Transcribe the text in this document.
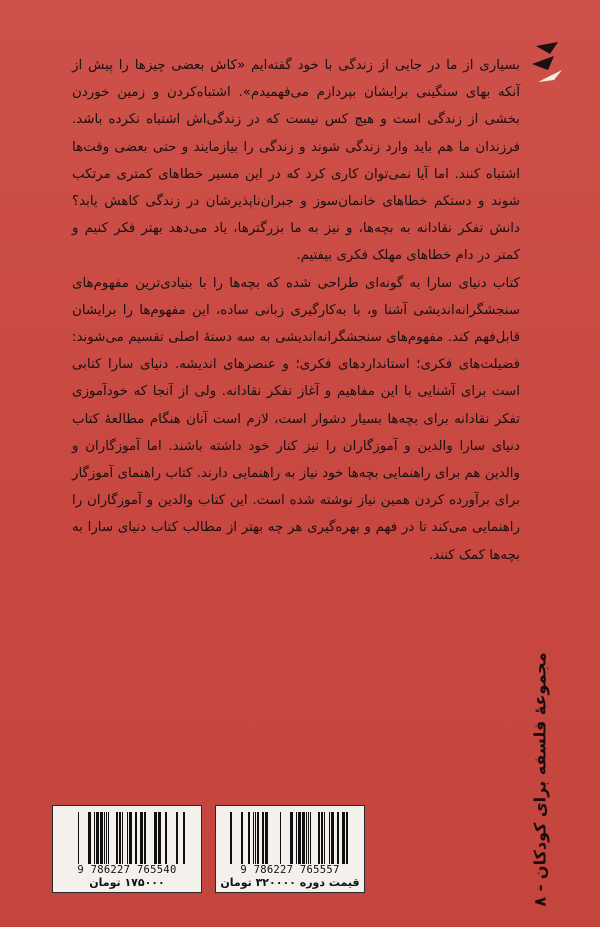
بسیاری از ما در جایی از زندگی با خود گفته‌ایم «کاش بعضی چیزها را پیش از آنکه بهای سنگینی برایشان بپردازم می‌فهمیدم». اشتباه‌کردن و زمین خوردن بخشی از زندگی است و هیچ کس نیست که در زندگی‌اش اشتباه نکرده باشد. فرزندان ما هم باید وارد زندگی شوند و زندگی را بیازمایند و حتی بعضی وقت‌ها اشتباه کنند. اما آیا نمی‌توان کاری کرد که در این مسیر خطاهای کمتری مرتکب شوند و دستکم خطاهای خانمان‌سوز و جبران‌ناپذیرشان در زندگی کاهش یابد؟ دانش تفکر نقادانه به بچه‌ها، و نیز به ما بزرگترها، یاد می‌دهد بهتر فکر کنیم و کمتر در دام خطاهای مهلک فکری بیفتیم.

کتاب دنیای سارا به گونه‌ای طراحی شده که بچه‌ها را با بنیادی‌ترین مفهوم‌های سنجشگرانه‌اندیشی آشنا و، با به‌کارگیری زبانی ساده، این مفهوم‌ها را برایشان قابل‌فهم کند. مفهوم‌های سنجشگرانه‌اندیشی به سه دستهٔ اصلی تقسیم می‌شوند: فضیلت‌های فکری؛ استانداردهای فکری؛ و عنصرهای اندیشه. دنیای سارا کتابی است برای آشنایی با این مفاهیم و آغاز تفکر نقادانه. ولی از آنجا که خودآموزی تفکر نقادانه برای بچه‌ها بسیار دشوار است، لازم است آنان هنگام مطالعهٔ کتاب دنیای سارا والدین و آموزگاران را نیز کنار خود داشته باشند. اما آموزگاران و والدین هم برای راهنمایی بچه‌ها خود نیاز به راهنمایی دارند. کتاب راهنمای آموزگار برای برآورده کردن همین نیاز نوشته شده است. این کتاب والدین و آموزگاران را راهنمایی می‌کند تا در فهم و بهره‌گیری هر چه بهتر از مطالب کتاب دنیای سارا به بچه‌ها کمک کنند.

مجموعهٔ فلسفه برای کودکان - ۸
9 786227 765557
قیمت دوره ۳۲۰۰۰۰ تومان
9 786227 765540
۱۷۵۰۰۰ تومان
